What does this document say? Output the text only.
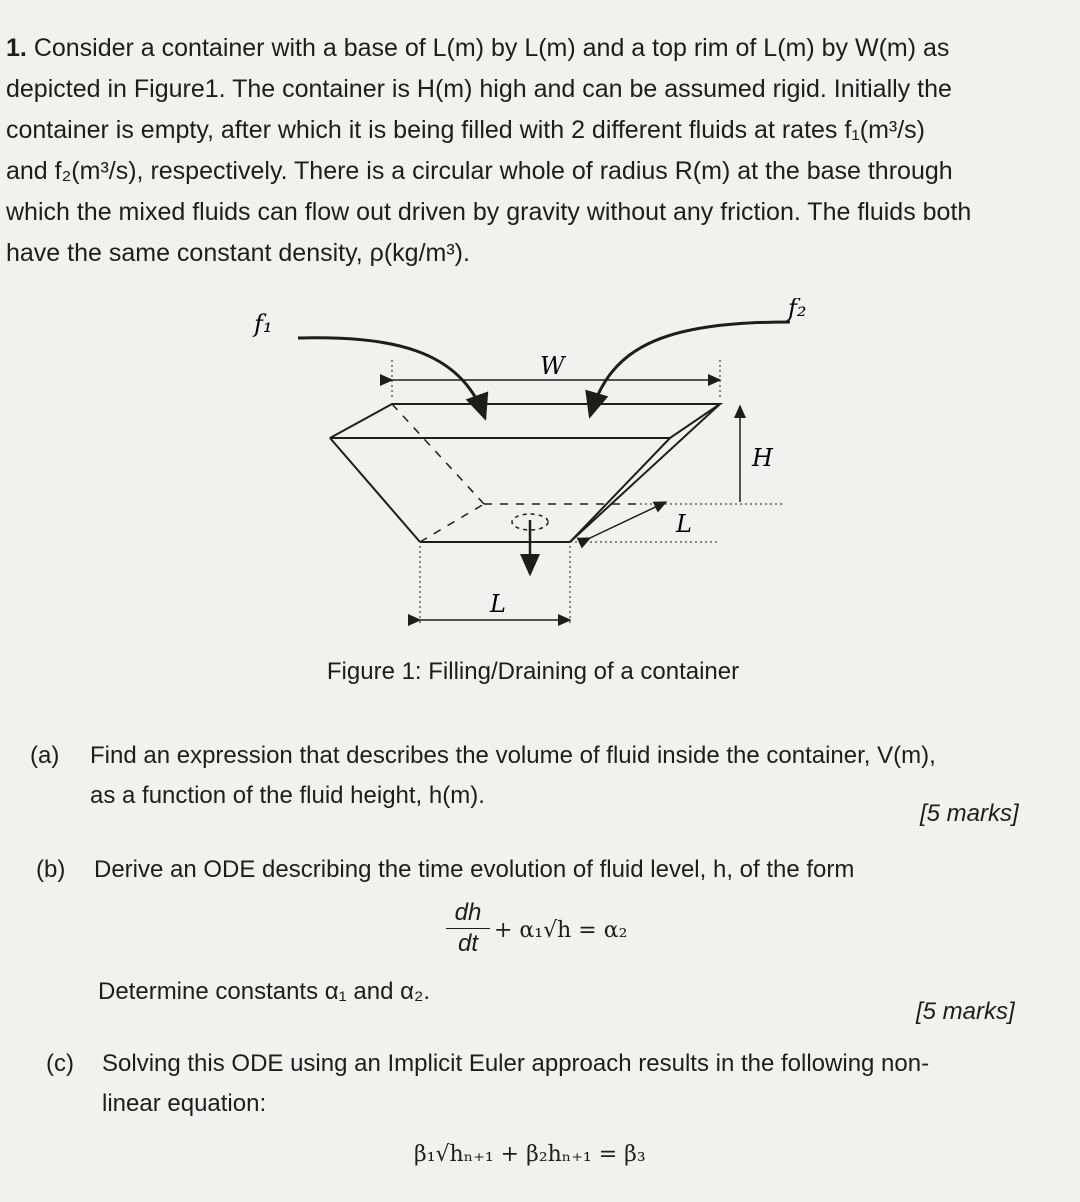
1. Consider a container with a base of L(m) by L(m) and a top rim of L(m) by W(m) as
depicted in Figure1. The container is H(m) high and can be assumed rigid. Initially the
container is empty, after which it is being filled with 2 different fluids at rates f₁(m³/s)
and f₂(m³/s), respectively. There is a circular whole of radius R(m) at the base through
which the mixed fluids can flow out driven by gravity without any friction. The fluids both
have the same constant density, ρ(kg/m³).
f₁
f₂
W
L
H
L
Figure 1: Filling/Draining of a container
(a) Find an expression that describes the volume of fluid inside the container, V(m),
as a function of the fluid height, h(m).
[5 marks]
(b) Derive an ODE describing the time evolution of fluid level, h, of the form
dh
dt + α₁√h = α₂
Determine constants α₁ and α₂.
[5 marks]
(c) Solving this ODE using an Implicit Euler approach results in the following non-
linear equation:
β₁√hₙ₊₁ + β₂hₙ₊₁ = β₃
